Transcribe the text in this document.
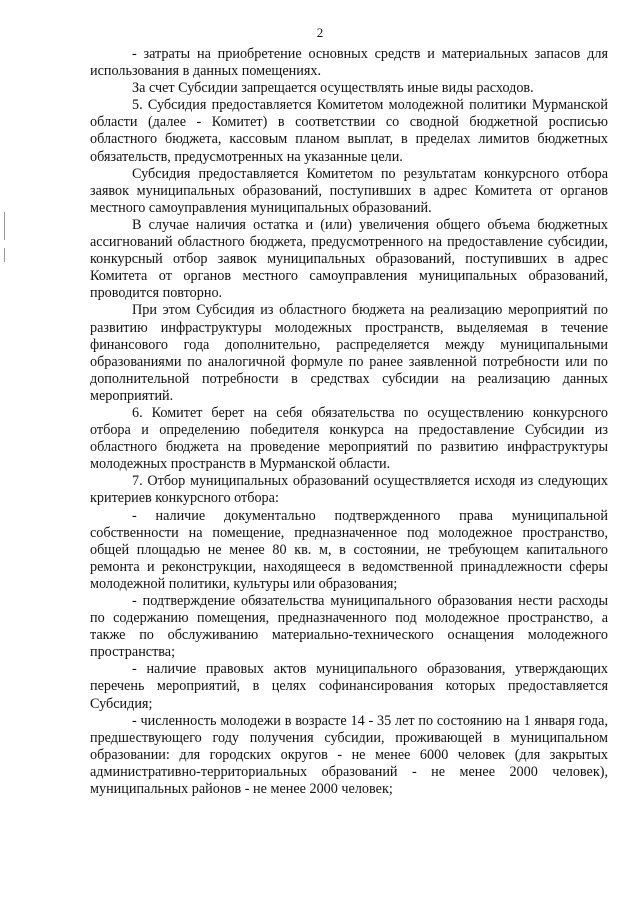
2

- затраты на приобретение основных средств и материальных запасов для использования в данных помещениях.

За счет Субсидии запрещается осуществлять иные виды расходов.

5. Субсидия предоставляется Комитетом молодежной политики Мурманской области (далее - Комитет) в соответствии со сводной бюджетной росписью областного бюджета, кассовым планом выплат, в пределах лимитов бюджетных обязательств, предусмотренных на указанные цели.

Субсидия предоставляется Комитетом по результатам конкурсного отбора заявок муниципальных образований, поступивших в адрес Комитета от органов местного самоуправления муниципальных образований.

В случае наличия остатка и (или) увеличения общего объема бюджетных ассигнований областного бюджета, предусмотренного на предоставление субсидии, конкурсный отбор заявок муниципальных образований, поступивших в адрес Комитета от органов местного самоуправления муниципальных образований, проводится повторно.

При этом Субсидия из областного бюджета на реализацию мероприятий по развитию инфраструктуры молодежных пространств, выделяемая в течение финансового года дополнительно, распределяется между муниципальными образованиями по аналогичной формуле по ранее заявленной потребности или по дополнительной потребности в средствах субсидии на реализацию данных мероприятий.

6. Комитет берет на себя обязательства по осуществлению конкурсного отбора и определению победителя конкурса на предоставление Субсидии из областного бюджета на проведение мероприятий по развитию инфраструктуры молодежных пространств в Мурманской области.

7. Отбор муниципальных образований осуществляется исходя из следующих критериев конкурсного отбора:

- наличие документально подтвержденного права муниципальной собственности на помещение, предназначенное под молодежное пространство, общей площадью не менее 80 кв. м, в состоянии, не требующем капитального ремонта и реконструкции, находящееся в ведомственной принадлежности сферы молодежной политики, культуры или образования;

- подтверждение обязательства муниципального образования нести расходы по содержанию помещения, предназначенного под молодежное пространство, а также по обслуживанию материально-технического оснащения молодежного пространства;

- наличие правовых актов муниципального образования, утверждающих перечень мероприятий, в целях софинансирования которых предоставляется Субсидия;

- численность молодежи в возрасте 14 - 35 лет по состоянию на 1 января года, предшествующего году получения субсидии, проживающей в муниципальном образовании: для городских округов - не менее 6000 человек (для закрытых административно-территориальных образований - не менее 2000 человек), муниципальных районов - не менее 2000 человек;
